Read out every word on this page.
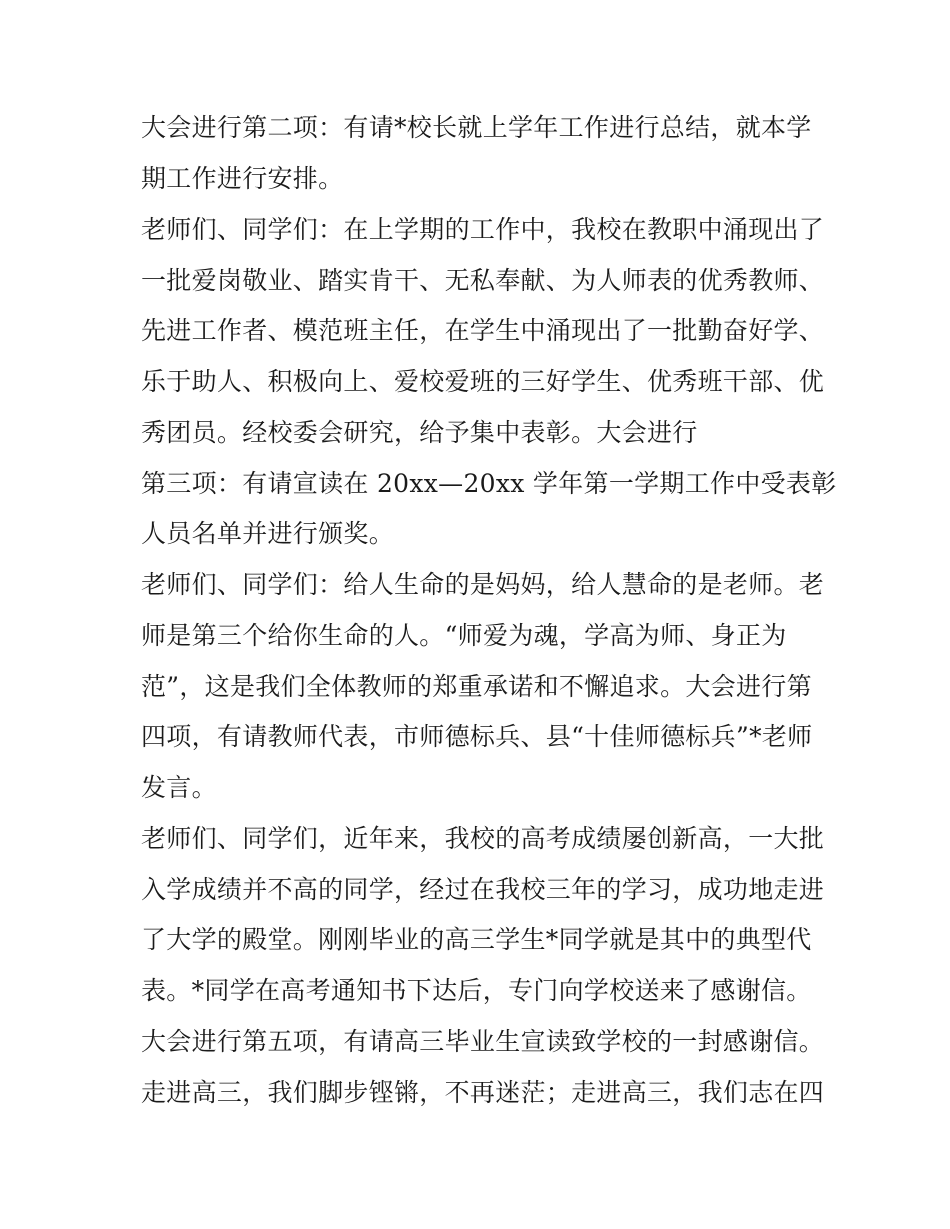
大会进行第二项：有请*校长就上学年工作进行总结，就本学
期工作进行安排。
老师们、同学们：在上学期的工作中，我校在教职中涌现出了
一批爱岗敬业、踏实肯干、无私奉献、为人师表的优秀教师、
先进工作者、模范班主任，在学生中涌现出了一批勤奋好学、
乐于助人、积极向上、爱校爱班的三好学生、优秀班干部、优
秀团员。经校委会研究，给予集中表彰。大会进行
第三项：有请宣读在 20xx—20xx 学年第一学期工作中受表彰
人员名单并进行颁奖。
老师们、同学们：给人生命的是妈妈，给人慧命的是老师。老
师是第三个给你生命的人。“师爱为魂，学高为师、身正为
范”，这是我们全体教师的郑重承诺和不懈追求。大会进行第
四项，有请教师代表，市师德标兵、县“十佳师德标兵”*老师
发言。
老师们、同学们，近年来，我校的高考成绩屡创新高，一大批
入学成绩并不高的同学，经过在我校三年的学习，成功地走进
了大学的殿堂。刚刚毕业的高三学生*同学就是其中的典型代
表。*同学在高考通知书下达后，专门向学校送来了感谢信。
大会进行第五项，有请高三毕业生宣读致学校的一封感谢信。
走进高三，我们脚步铿锵，不再迷茫；走进高三，我们志在四
